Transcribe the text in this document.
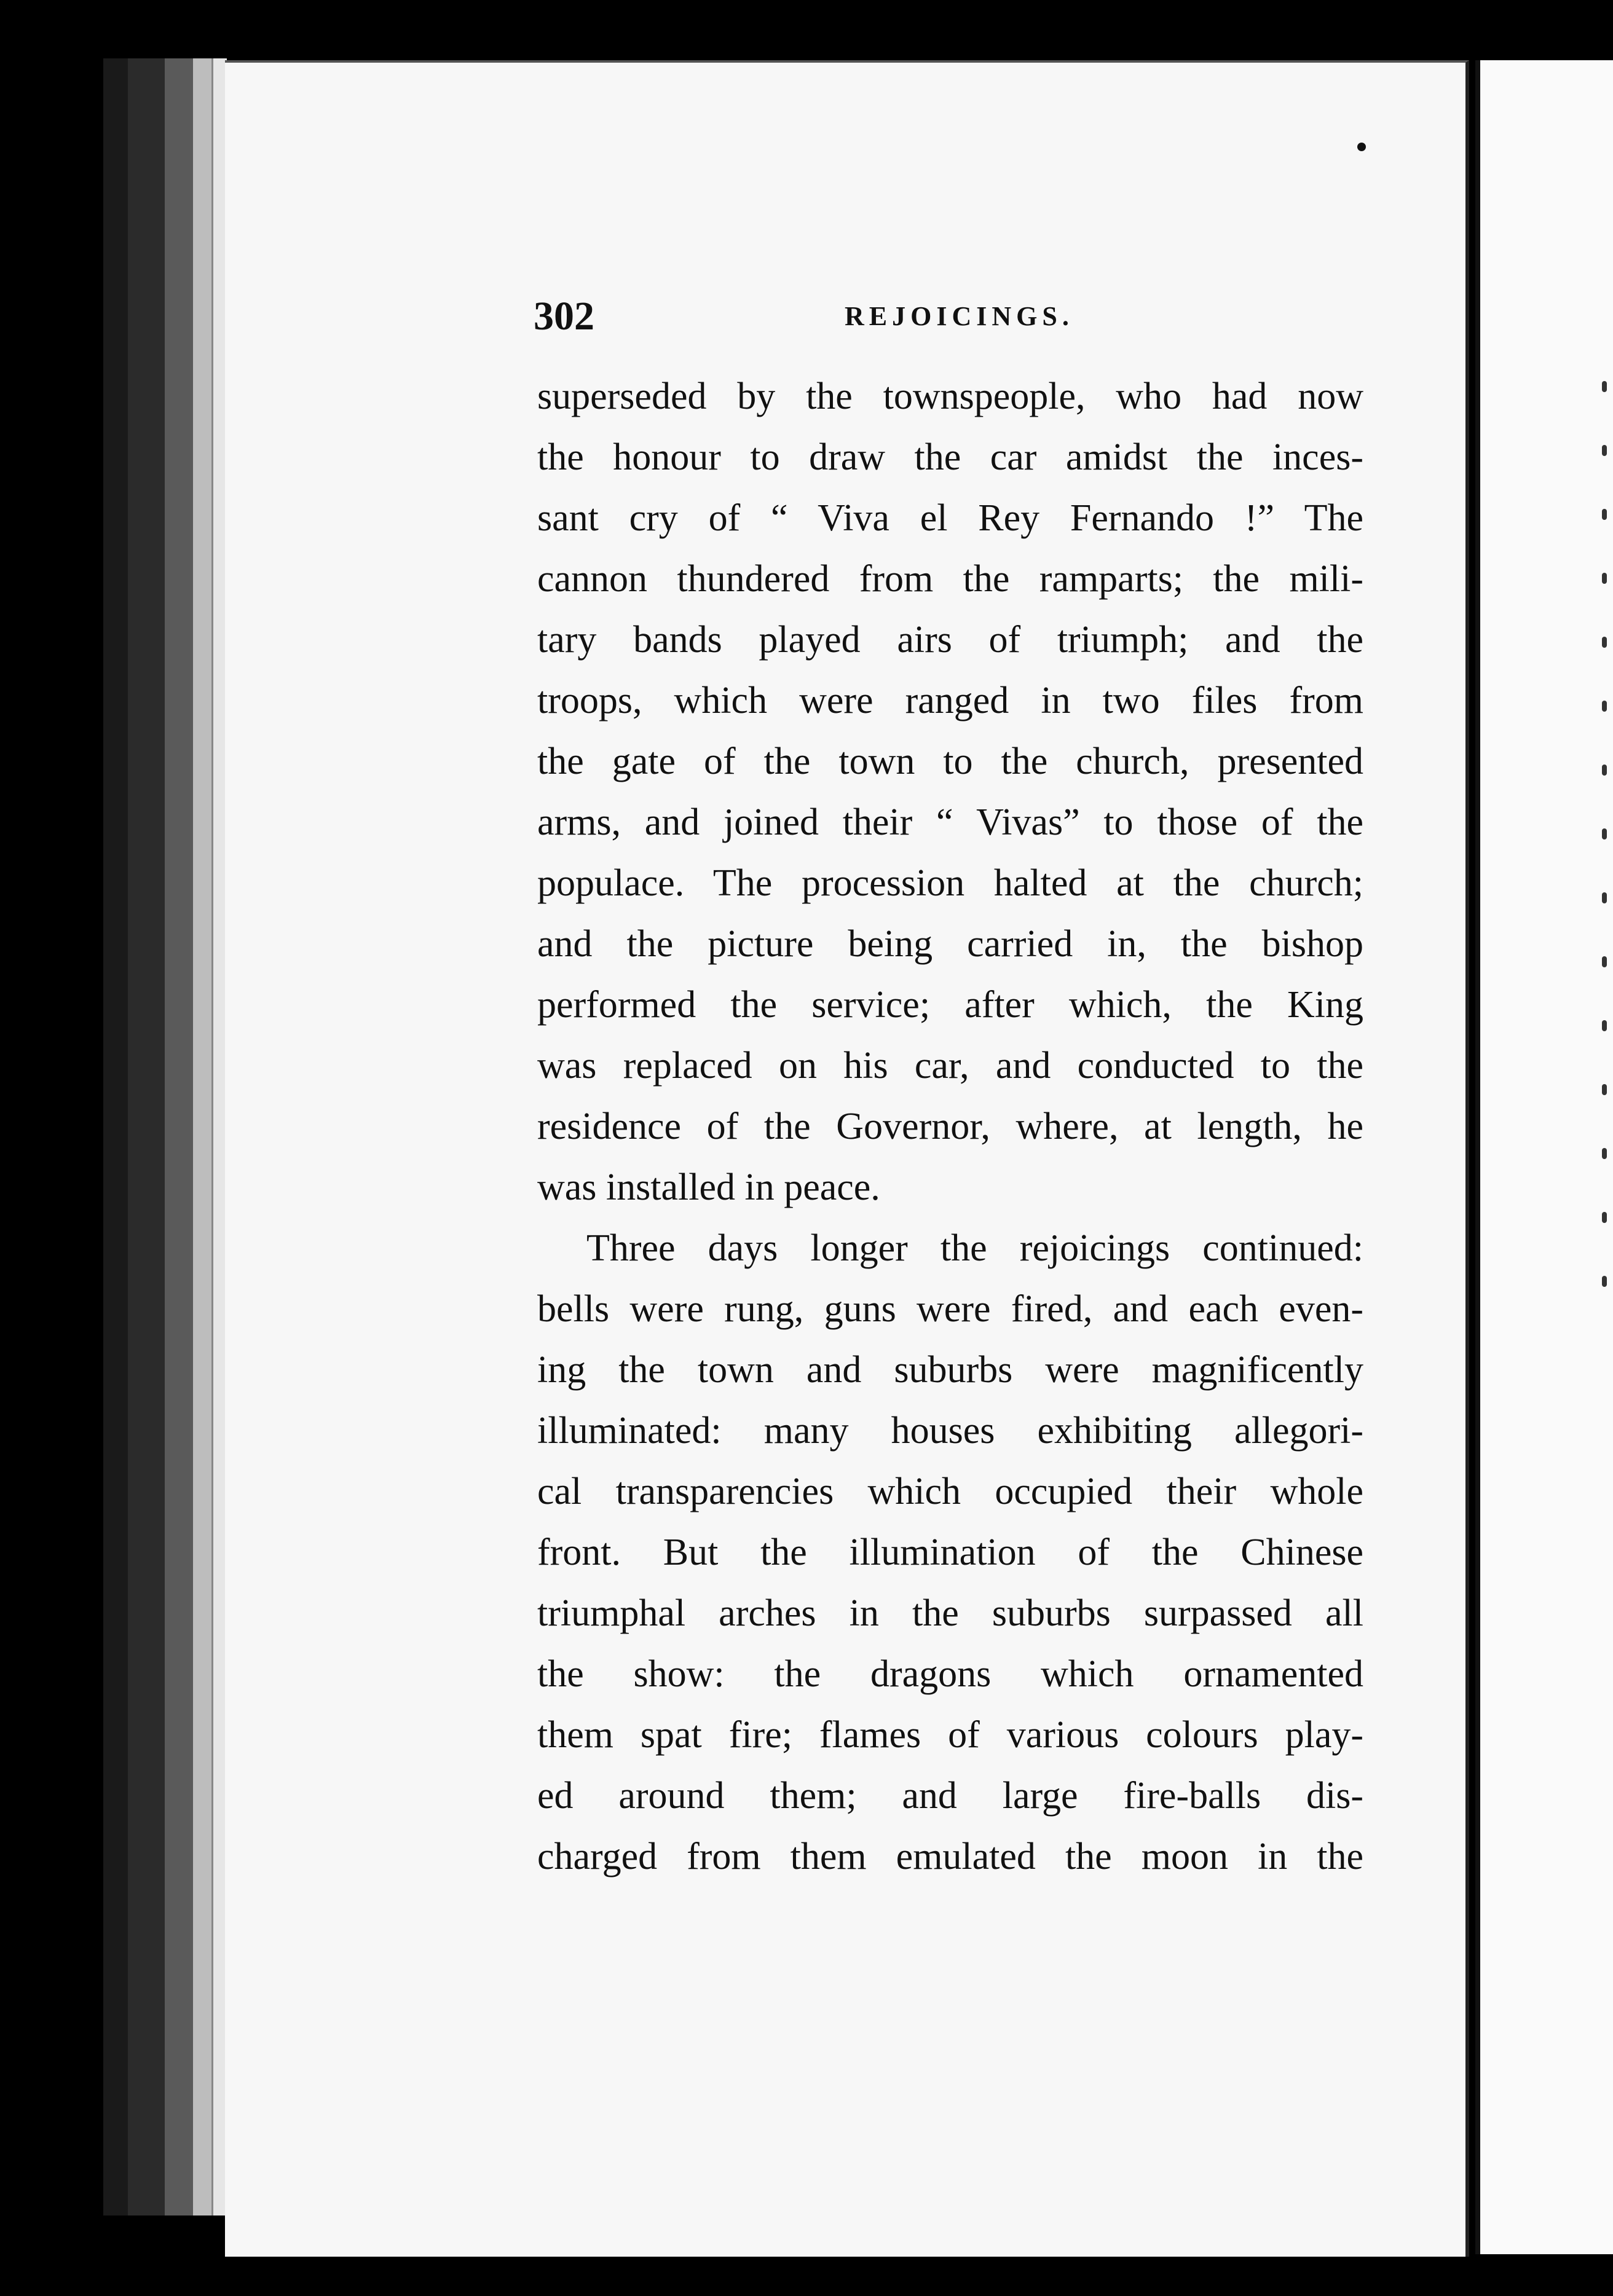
302	REJOICINGS.
superseded by the townspeople, who had now
the honour to draw the car amidst the inces-
sant cry of “ Viva el Rey Fernando !” The
cannon thundered from the ramparts; the mili-
tary bands played airs of triumph; and the
troops, which were ranged in two files from
the gate of the town to the church, presented
arms, and joined their “ Vivas” to those of the
populace. The procession halted at the church;
and the picture being carried in, the bishop
performed the service; after which, the King
was replaced on his car, and conducted to the
residence of the Governor, where, at length, he
was installed in peace.
Three days longer the rejoicings continued:
bells were rung, guns were fired, and each even-
ing the town and suburbs were magnificently
illuminated: many houses exhibiting allegori-
cal transparencies which occupied their whole
front. But the illumination of the Chinese
triumphal arches in the suburbs surpassed all
the show: the dragons which ornamented
them spat fire; flames of various colours play-
ed around them; and large fire-balls dis-
charged from them emulated the moon in the
